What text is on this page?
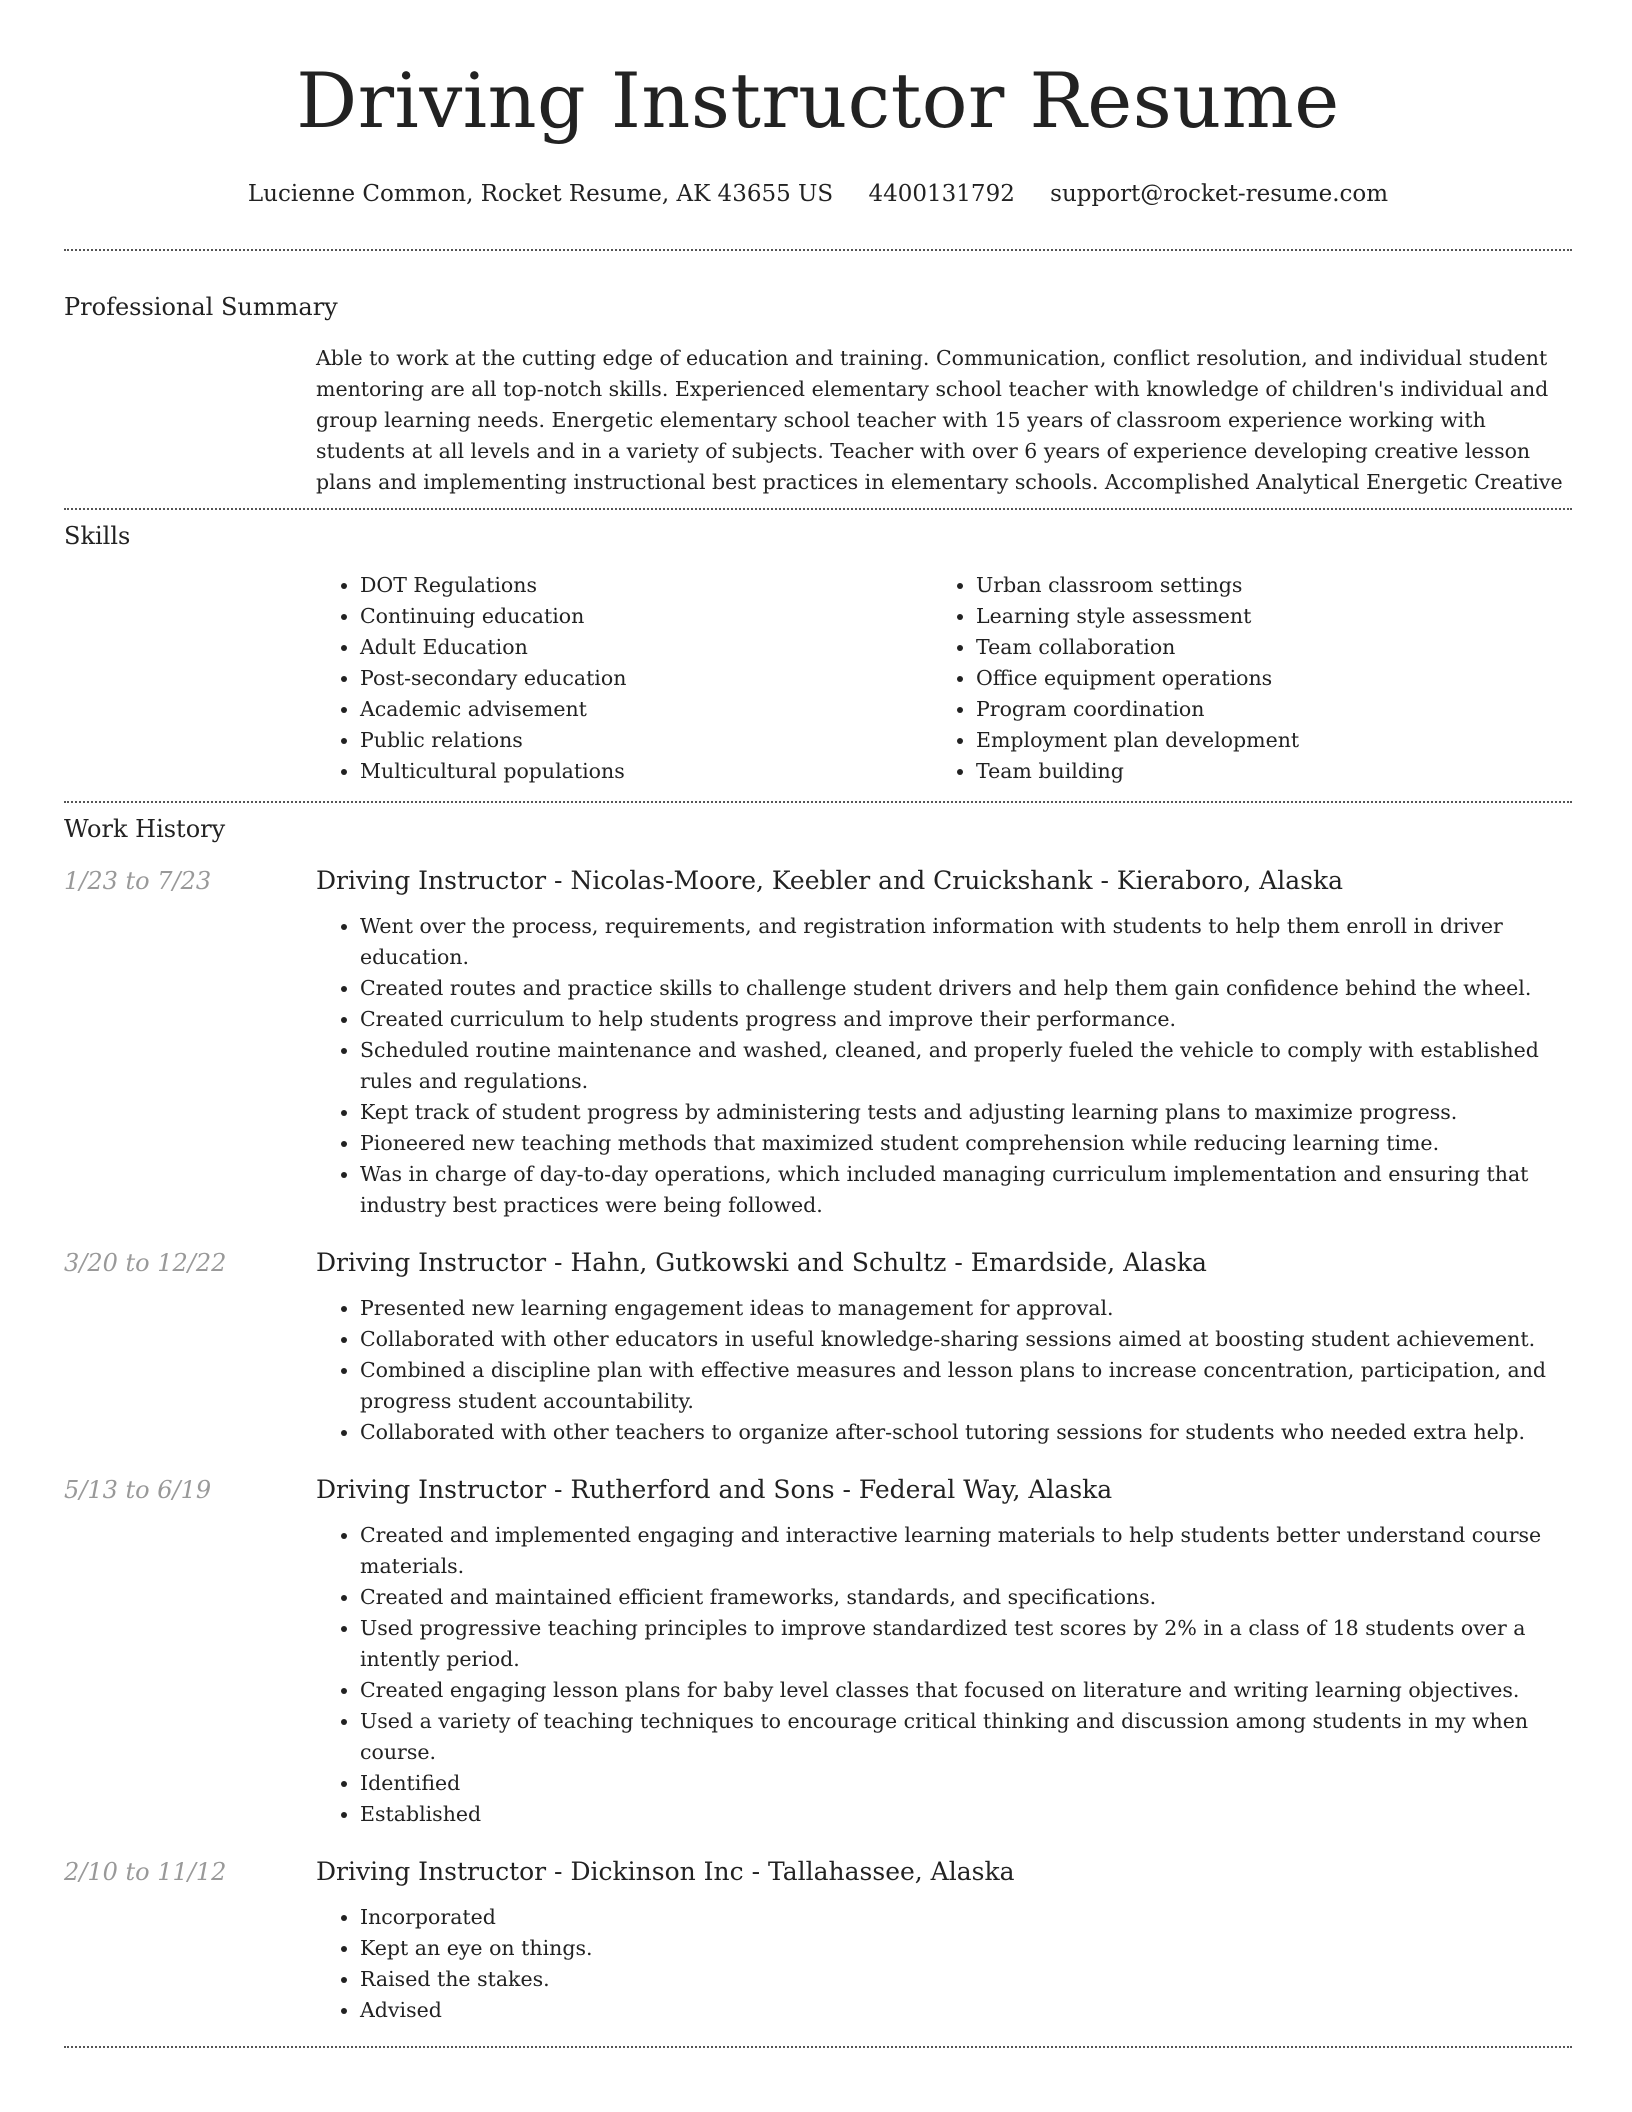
Driving Instructor Resume
Lucienne Common, Rocket Resume, AK 43655 US 4400131792 support@rocket-resume.com
Professional Summary

Able to work at the cutting edge of education and training. Communication, conflict resolution, and individual student mentoring are all top-notch skills. Experienced elementary school teacher with knowledge of children's individual and group learning needs. Energetic elementary school teacher with 15 years of classroom experience working with students at all levels and in a variety of subjects. Teacher with over 6 years of experience developing creative lesson plans and implementing instructional best practices in elementary schools. Accomplished Analytical Energetic Creative

Skills
• DOT Regulations
• Continuing education
• Adult Education
• Post-secondary education
• Academic advisement
• Public relations
• Multicultural populations
• Urban classroom settings
• Learning style assessment
• Team collaboration
• Office equipment operations
• Program coordination
• Employment plan development
• Team building
Work History
1/23 to 7/23	Driving Instructor - Nicolas-Moore, Keebler and Cruickshank - Kieraboro, Alaska
• Went over the process, requirements, and registration information with students to help them enroll in driver education.
• Created routes and practice skills to challenge student drivers and help them gain confidence behind the wheel.
• Created curriculum to help students progress and improve their performance.
• Scheduled routine maintenance and washed, cleaned, and properly fueled the vehicle to comply with established rules and regulations.
• Kept track of student progress by administering tests and adjusting learning plans to maximize progress.
• Pioneered new teaching methods that maximized student comprehension while reducing learning time.
• Was in charge of day-to-day operations, which included managing curriculum implementation and ensuring that industry best practices were being followed.
3/20 to 12/22	Driving Instructor - Hahn, Gutkowski and Schultz - Emardside, Alaska
• Presented new learning engagement ideas to management for approval.
• Collaborated with other educators in useful knowledge-sharing sessions aimed at boosting student achievement.
• Combined a discipline plan with effective measures and lesson plans to increase concentration, participation, and progress student accountability.
• Collaborated with other teachers to organize after-school tutoring sessions for students who needed extra help.
5/13 to 6/19	Driving Instructor - Rutherford and Sons - Federal Way, Alaska
• Created and implemented engaging and interactive learning materials to help students better understand course materials.
• Created and maintained efficient frameworks, standards, and specifications.
• Used progressive teaching principles to improve standardized test scores by 2% in a class of 18 students over a intently period.
• Created engaging lesson plans for baby level classes that focused on literature and writing learning objectives.
• Used a variety of teaching techniques to encourage critical thinking and discussion among students in my when course.
• Identified
• Established
2/10 to 11/12	Driving Instructor - Dickinson Inc - Tallahassee, Alaska
• Incorporated
• Kept an eye on things.
• Raised the stakes.
• Advised
